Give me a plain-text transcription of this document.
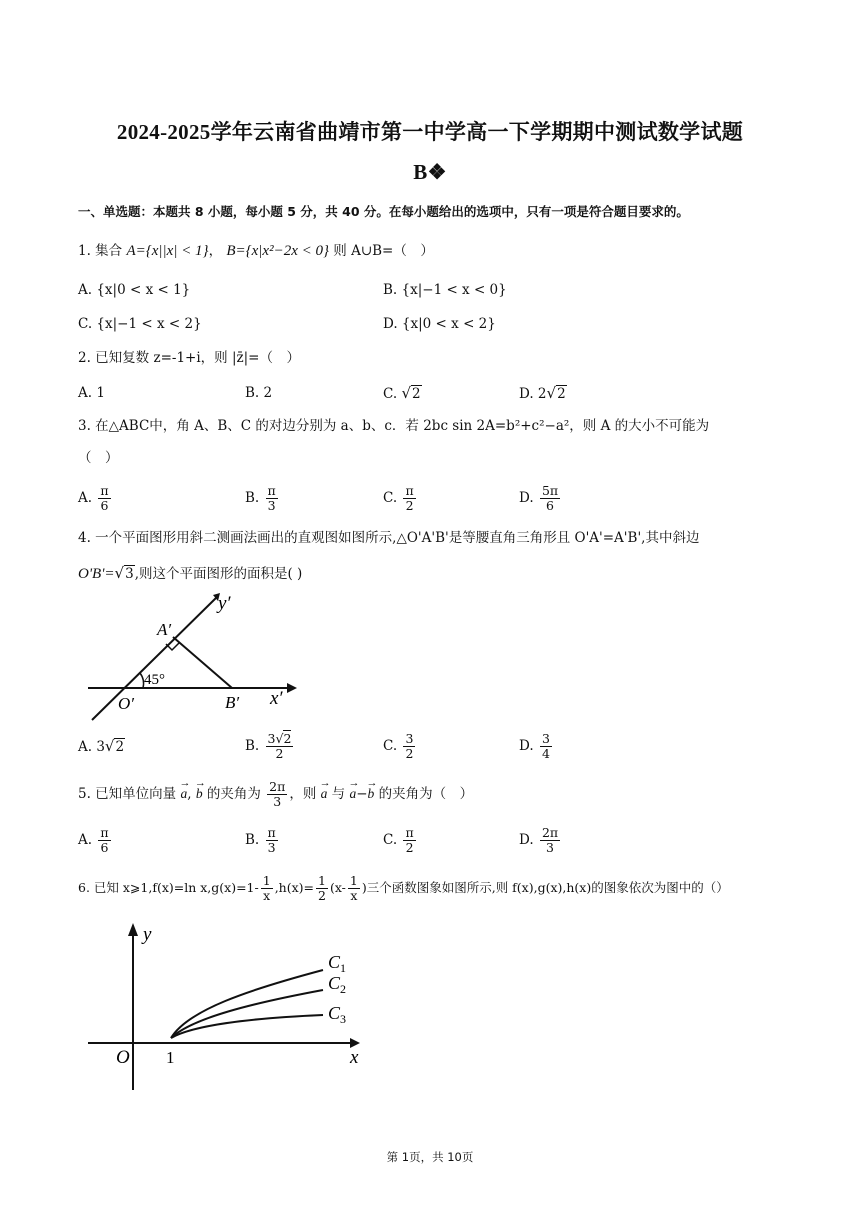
2024-2025学年云南省曲靖市第一中学高一下学期期中测试数学试题
B❖
一、单选题：本题共 8 小题，每小题 5 分，共 40 分。在每小题给出的选项中，只有一项是符合题目要求的。
1. 集合 A={x||x| < 1}， B={x|x²−2x < 0} 则 A∪B=（　）
A. {x|0 < x < 1}	B. {x|−1 < x < 0}
C. {x|−1 < x < 2}	D. {x|0 < x < 2}
2. 已知复数 z=-1+i，则 |z̄|=（　）
A. 1	B. 2	C. √2	D. 2√2
3. 在△ABC中，角 A、B、C 的对边分别为 a、b、c．若 2bc sin 2A=b²+c²−a²，则 A 的大小不可能为
（　）
A. $\frac{\pi}{6}$	B. $\frac{\pi}{3}$	C. $\frac{\pi}{2}$	D. $\frac{5\pi}{6}$
4. 一个平面图形用斜二测画法画出的直观图如图所示,△O'A'B'是等腰直角三角形且 O'A'=A'B',其中斜边
O'B'=√3,则这个平面图形的面积是( )
y′
x′
A′
B′
O′
45°
A. 3√2	B. $\frac{3√2}{2}$	C. $\frac{3}{2}$	D. $\frac{3}{4}$
5. 已知单位向量 → a, → b 的夹角为 $\frac{2\pi}{3}$ ，则 → a 与 → a−→ b 的夹角为（　）
A. $\frac{\pi}{6}$	B. $\frac{\pi}{3}$	C. $\frac{\pi}{2}$	D. $\frac{2\pi}{3}$
6. 已知 x⩾1,f(x)=ln $x,g(x)=1- \frac{1}{x} ,h(x)= \frac{1}{2} (x- \frac{1}{x}$ )三个函数图象如图所示,则 f(x),g(x),h(x)的图象依次为图中的（）
y
x
O 1
$C_1$
$C_2$
$C_3$
第 1页，共 10页
